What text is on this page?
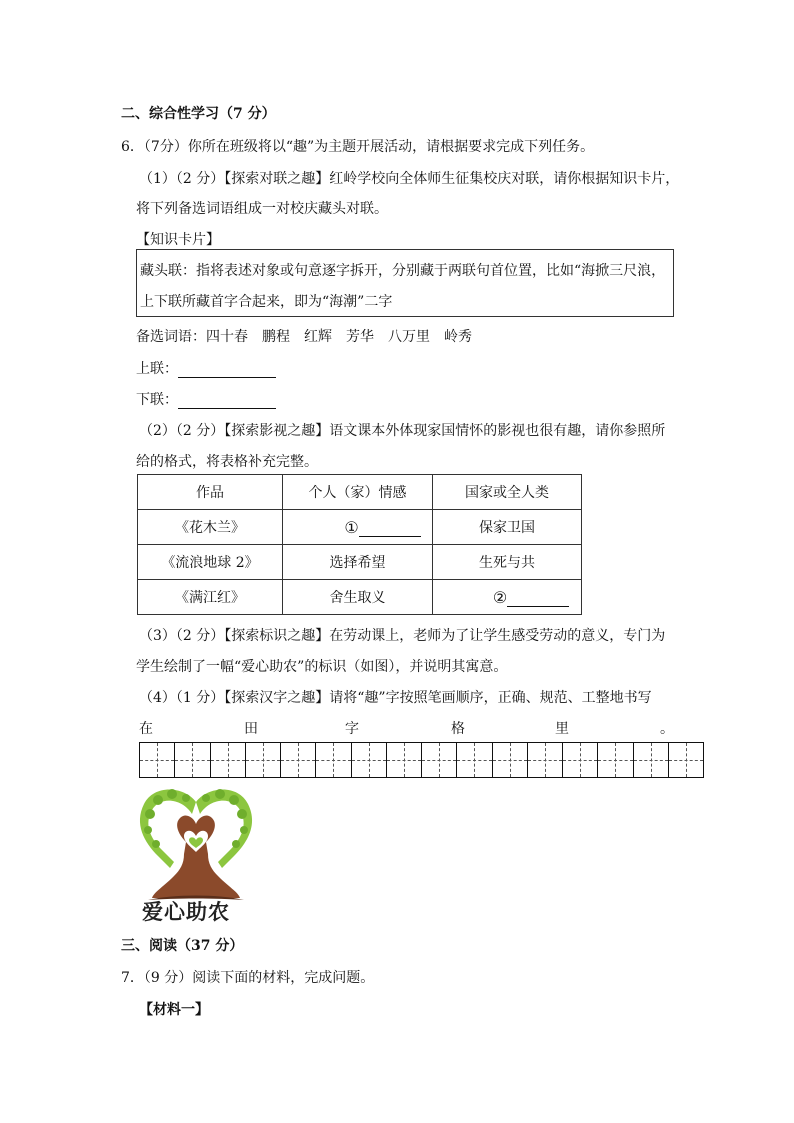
二、综合性学习（7 分）
6．（7分）你所在班级将以“趣”为主题开展活动，请根据要求完成下列任务。
（1）（2 分）【探索对联之趣】红岭学校向全体师生征集校庆对联，请你根据知识卡片，
将下列备选词语组成一对校庆藏头对联。
【知识卡片】
藏头联：指将表述对象或句意逐字拆开，分别藏于两联句首位置，比如“海掀三尺浪，
上下联所藏首字合起来，即为“海潮”二字
备选词语：四十春 鹏程 红辉 芳华 八万里 岭秀
上联：
下联：
（2）（2 分）【探索影视之趣】语文课本外体现家国情怀的影视也很有趣，请你参照所
给的格式，将表格补充完整。
作品	个人（家）情感	国家或全人类
《花木兰》	①	保家卫国
《流浪地球 2》	选择希望	生死与共
《满江红》	舍生取义	②
（3）（2 分）【探索标识之趣】在劳动课上，老师为了让学生感受劳动的意义，专门为
学生绘制了一幅“爱心助农”的标识（如图），并说明其寓意。
（4）（1 分）【探索汉字之趣】请将“趣”字按照笔画顺序，正确、规范、工整地书写
在	田	字	格	里	。
爱心助农
三、阅读（37 分）
7．（9 分）阅读下面的材料，完成问题。
【材料一】
